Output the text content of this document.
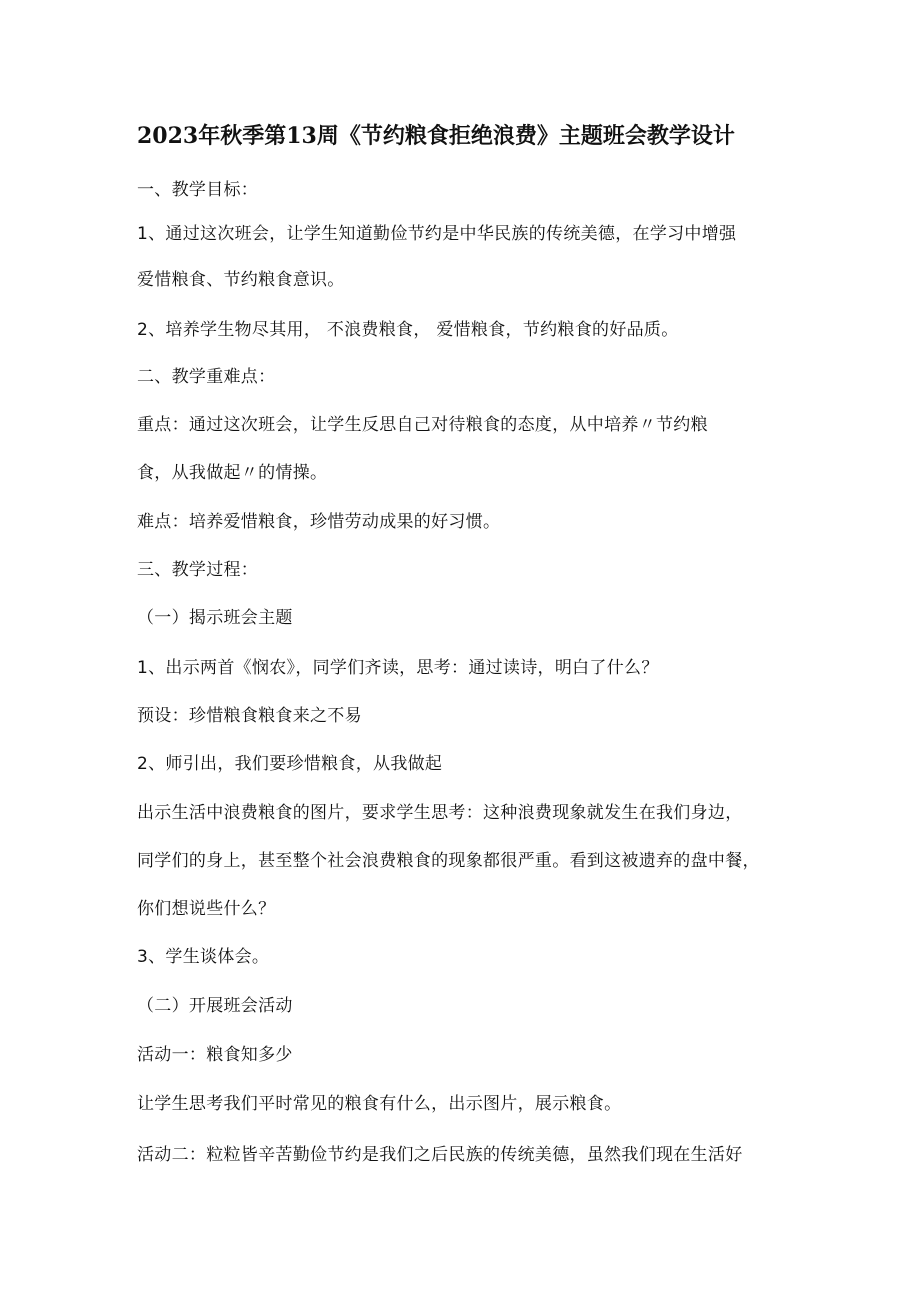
2023年秋季第13周《节约粮食拒绝浪费》主题班会教学设计
一、教学目标：
1、通过这次班会，让学生知道勤俭节约是中华民族的传统美德，在学习中增强
爱惜粮食、节约粮食意识。
2、培养学生物尽其用， 不浪费粮食， 爱惜粮食，节约粮食的好品质。
二、教学重难点：
重点：通过这次班会，让学生反思自己对待粮食的态度，从中培养〃节约粮
食，从我做起〃的情操。
难点：培养爱惜粮食，珍惜劳动成果的好习惯。
三、教学过程：
（一）揭示班会主题
1、出示两首《悯农》，同学们齐读，思考：通过读诗，明白了什么？
预设：珍惜粮食粮食来之不易
2、师引出，我们要珍惜粮食，从我做起
出示生活中浪费粮食的图片，要求学生思考：这种浪费现象就发生在我们身边，
同学们的身上，甚至整个社会浪费粮食的现象都很严重。看到这被遗弃的盘中餐，
你们想说些什么？
3、学生谈体会。
（二）开展班会活动
活动一：粮食知多少
让学生思考我们平时常见的粮食有什么，出示图片，展示粮食。
活动二：粒粒皆辛苦勤俭节约是我们之后民族的传统美德，虽然我们现在生活好
